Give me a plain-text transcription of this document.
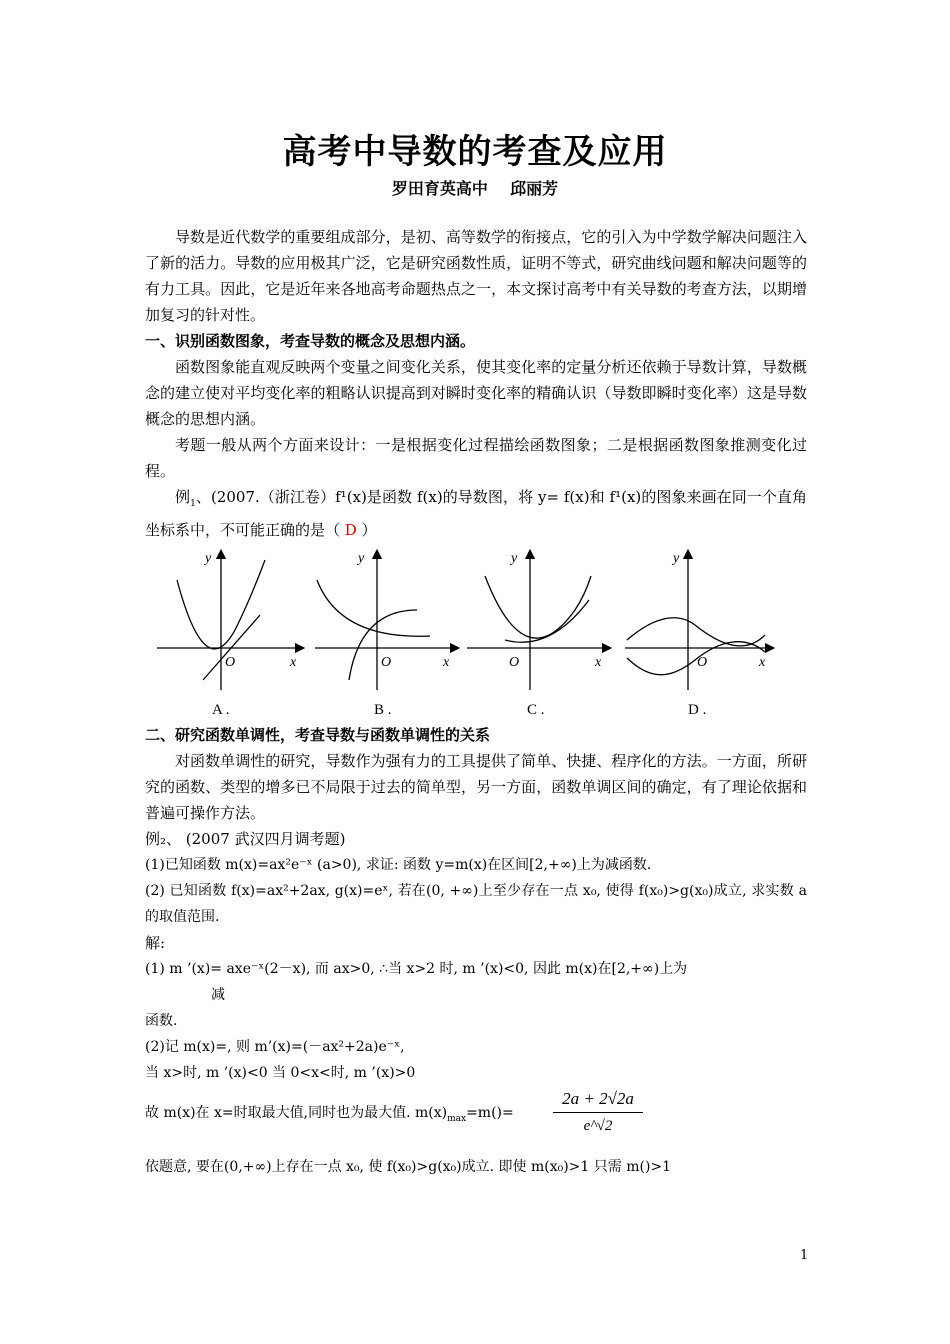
高考中导数的考查及应用
罗田育英高中    邱丽芳

导数是近代数学的重要组成部分，是初、高等数学的衔接点，它的引入为中学数学解决问题注入了新的活力。导数的应用极其广泛，它是研究函数性质，证明不等式，研究曲线问题和解决问题等的有力工具。因此，它是近年来各地高考命题热点之一，本文探讨高考中有关导数的考查方法，以期增加复习的针对性。

一、识别函数图象，考查导数的概念及思想内涵。

函数图象能直观反映两个变量之间变化关系，使其变化率的定量分析还依赖于导数计算，导数概念的建立使对平均变化率的粗略认识提高到对瞬时变化率的精确认识（导数即瞬时变化率）这是导数概念的思想内涵。

考题一般从两个方面来设计：一是根据变化过程描绘函数图象；二是根据函数图象推测变化过程。

例$_1$、(2007.（浙江卷）f¹(x)是函数 f(x)的导数图，将 y= f(x)和 f¹(x)的图象来画在同一个直角坐标系中，不可能正确的是（ D ）

y
x
O
y
x
O
y
x
O
y
x
O
A .	B .	C .	D .

二、研究函数单调性，考查导数与函数单调性的关系

对函数单调性的研究，导数作为强有力的工具提供了简单、快捷、程序化的方法。一方面，所研究的函数、类型的增多已不局限于过去的简单型，另一方面，函数单调区间的确定，有了理论依据和普遍可操作方法。

例₂、 (2007 武汉四月调考题)

(1)已知函数 m(x)=ax²e⁻ˣ (a>0), 求证: 函数 y=m(x)在区间[2,+∞)上为减函数.

(2) 已知函数 f(x)=ax²+2ax, g(x)=eˣ, 若在(0, +∞)上至少存在一点 x₀, 使得 f(x₀)>g(x₀)成立, 求实数 a 的取值范围.

解:

(1) m ’(x)= axe⁻ˣ(2－x), 而 ax>0, ∴当 x>2 时, m ’(x)<0, 因此 m(x)在[2,+∞)上为

减

函数.

(2)记 m(x)=, 则 m’(x)=(－ax²+2a)e⁻ˣ,

当 x>时, m ’(x)<0 当 0<x<时, m ’(x)>0

故 m(x)在 x=时取最大值,同时也为最大值. $m(x)_{max}=m()= \frac{2a + 2√2a}{e\^{}√2}$

依题意, 要在(0,+∞)上存在一点 x₀, 使 f(x₀)>g(x₀)成立. 即使 m(x₀)>1 只需 m()>1

1
